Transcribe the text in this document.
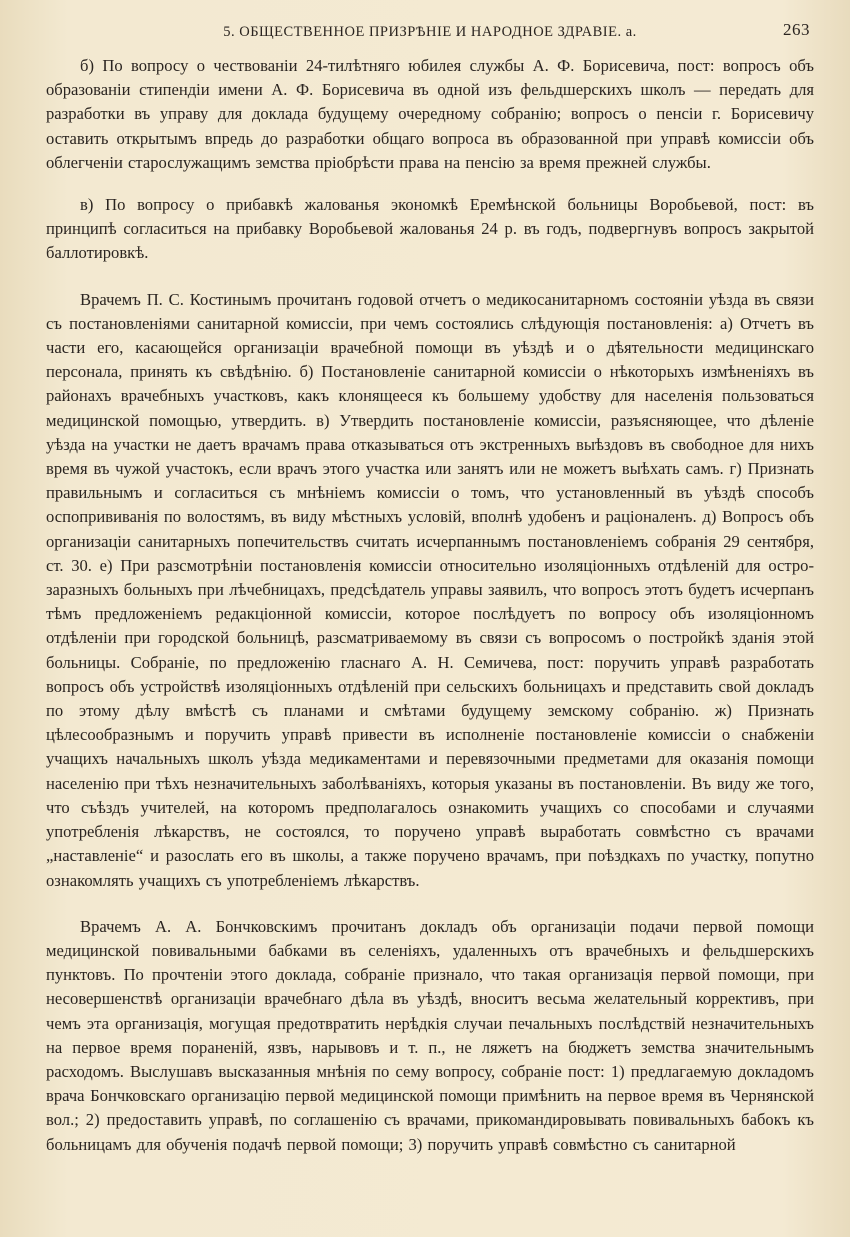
5. ОБЩЕСТВЕННОЕ ПРИЗРѢНІЕ И НАРОДНОЕ ЗДРАВІЕ. а.	263

б) По вопросу о чествованіи 24-тилѣтняго юбилея службы А. Ф. Борисевича, пост: вопросъ объ образованіи стипендіи имени А. Ф. Борисевича въ одной изъ фельдшерскихъ школъ — передать для разработки въ управу для доклада будущему очередному собранію; вопросъ о пенсіи г. Борисевичу оставить открытымъ впредь до разработки общаго вопроса въ образованной при управѣ комиссіи объ облегченіи старослужащимъ земства пріобрѣсти права на пенсію за время прежней службы.

в) По вопросу о прибавкѣ жалованья экономкѣ Еремѣнской больницы Воробьевой, пост: въ принципѣ согласиться на прибавку Воробьевой жалованья 24 р. въ годъ, подвергнувъ вопросъ закрытой баллотировкѣ.

Врачемъ П. С. Костинымъ прочитанъ годовой отчетъ о медикосанитарномъ состояніи уѣзда въ связи съ постановленіями санитарной комиссіи, при чемъ состоялись слѣдующія постановленія: а) Отчетъ въ части его, касающейся организаціи врачебной помощи въ уѣздѣ и о дѣятельности медицинскаго персонала, принять къ свѣдѣнію. б) Постановленіе санитарной комиссіи о нѣкоторыхъ измѣненіяхъ въ районахъ врачебныхъ участковъ, какъ клонящееся къ большему удобству для населенія пользоваться медицинской помощью, утвердить. в) Утвердить постановленіе комиссіи, разъясняющее, что дѣленіе уѣзда на участки не даетъ врачамъ права отказываться отъ экстренныхъ выѣздовъ въ свободное для нихъ время въ чужой участокъ, если врачъ этого участка или занятъ или не можетъ выѣхать самъ. г) Признать правильнымъ и согласиться съ мнѣніемъ комиссіи о томъ, что установленный въ уѣздѣ способъ оспопрививанія по волостямъ, въ виду мѣстныхъ условій, вполнѣ удобенъ и раціоналенъ. д) Вопросъ объ организаціи санитарныхъ попечительствъ считать исчерпаннымъ постановленіемъ собранія 29 сентября, ст. 30. е) При разсмотрѣніи постановленія комиссіи относительно изоляціонныхъ отдѣленій для остро-заразныхъ больныхъ при лѣчебницахъ, предсѣдатель управы заявилъ, что вопросъ этотъ будетъ исчерпанъ тѣмъ предложеніемъ редакціонной комиссіи, которое послѣдуетъ по вопросу объ изоляціонномъ отдѣленіи при городской больницѣ, разсматриваемому въ связи съ вопросомъ о постройкѣ зданія этой больницы. Собраніе, по предложенію гласнаго А. Н. Семичева, пост: поручить управѣ разработать вопросъ объ устройствѣ изоляціонныхъ отдѣленій при сельскихъ больницахъ и представить свой докладъ по этому дѣлу вмѣстѣ съ планами и смѣтами будущему земскому собранію. ж) Признать цѣлесообразнымъ и поручить управѣ привести въ исполненіе постановленіе комиссіи о снабженіи учащихъ начальныхъ школъ уѣзда медикаментами и перевязочными предметами для оказанія помощи населенію при тѣхъ незначительныхъ заболѣваніяхъ, которыя указаны въ постановленіи. Въ виду же того, что съѣздъ учителей, на которомъ предполагалось ознакомить учащихъ со способами и случаями употребленія лѣкарствъ, не состоялся, то поручено управѣ выработать совмѣстно съ врачами „наставленіе“ и разослать его въ школы, а также поручено врачамъ, при поѣздкахъ по участку, попутно ознакомлять учащихъ съ употребленіемъ лѣкарствъ.

Врачемъ А. А. Бончковскимъ прочитанъ докладъ объ организаціи подачи первой помощи медицинской повивальными бабками въ селеніяхъ, удаленныхъ отъ врачебныхъ и фельдшерскихъ пунктовъ. По прочтеніи этого доклада, собраніе признало, что такая организація первой помощи, при несовершенствѣ организаціи врачебнаго дѣла въ уѣздѣ, вноситъ весьма желательный коррективъ, при чемъ эта организація, могущая предотвратить нерѣдкія случаи печальныхъ послѣдствій незначительныхъ на первое время пораненій, язвъ, нарывовъ и т. п., не ляжетъ на бюджетъ земства значительнымъ расходомъ. Выслушавъ высказанныя мнѣнія по сему вопросу, собраніе пост: 1) предлагаемую докладомъ врача Бончковскаго организацію первой медицинской помощи примѣнить на первое время въ Чернянской вол.; 2) предоставить управѣ, по соглашенію съ врачами, прикомандировывать повивальныхъ бабокъ къ больницамъ для обученія подачѣ первой помощи; 3) поручить управѣ совмѣстно съ санитарной
